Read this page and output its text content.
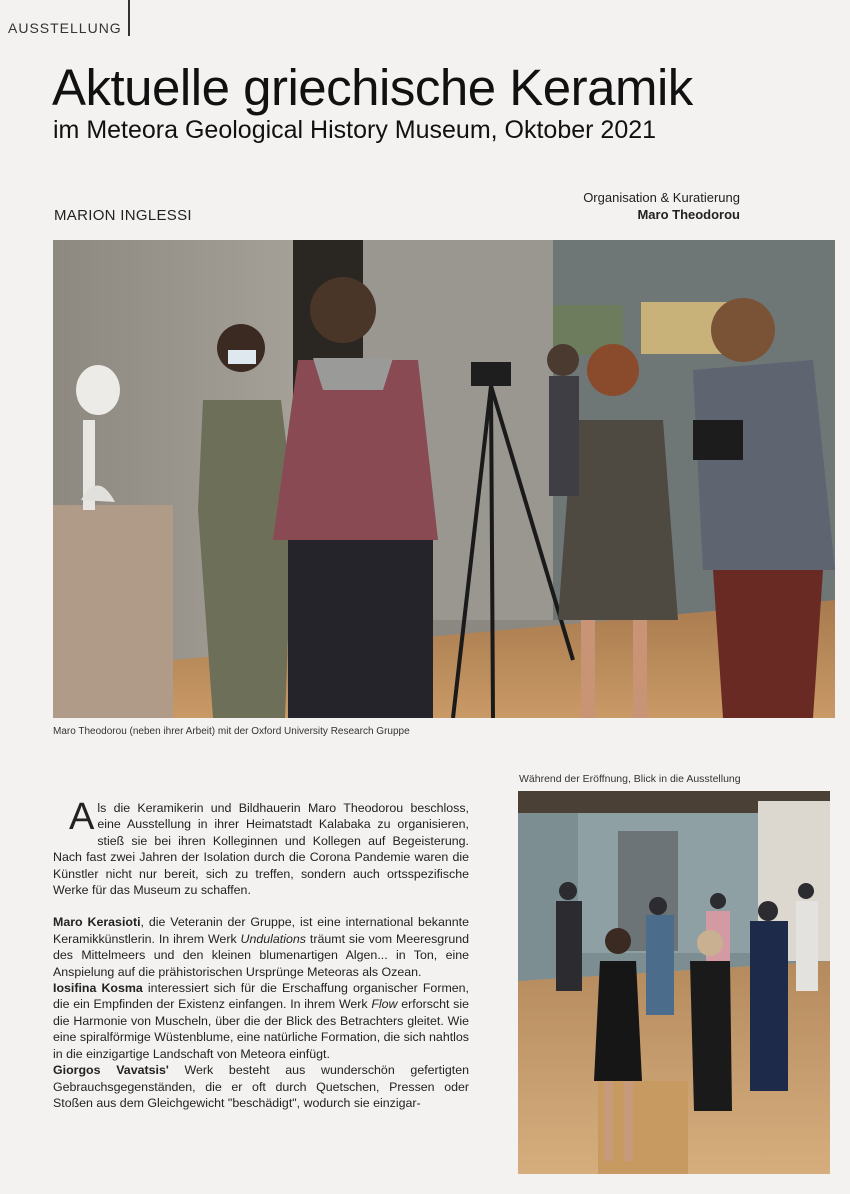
AUSSTELLUNG
Aktuelle griechische Keramik
im Meteora Geological History Museum, Oktober 2021
MARION INGLESSI
Organisation & Kuratierung
Maro Theodorou
Maro Theodorou (neben ihrer Arbeit) mit der Oxford University Research Gruppe
Während der Eröffnung, Blick in die Ausstellung

Als die Keramikerin und Bildhauerin Maro Theodorou beschloss, eine Ausstellung in ihrer Heimatstadt Kalabaka zu organisieren, stieß sie bei ihren Kolleginnen und Kollegen auf Begeisterung. Nach fast zwei Jahren der Isolation durch die Corona Pandemie waren die Künstler nicht nur bereit, sich zu treffen, sondern auch ortsspezifische Werke für das Museum zu schaffen.

Maro Kerasioti, die Veteranin der Gruppe, ist eine international bekannte Keramikkünstlerin. In ihrem Werk Undulations träumt sie vom Meeresgrund des Mittelmeers und den kleinen blumenartigen Algen... in Ton, eine Anspielung auf die prähistorischen Ursprünge Meteoras als Ozean.

Iosifina Kosma interessiert sich für die Erschaffung organischer Formen, die ein Empfinden der Existenz einfangen. In ihrem Werk Flow erforscht sie die Harmonie von Muscheln, über die der Blick des Betrachters gleitet. Wie eine spiralförmige Wüstenblume, eine natürliche Formation, die sich nahtlos in die einzigartige Landschaft von Meteora einfügt.

Giorgos Vavatsis' Werk besteht aus wunderschön gefertigten Gebrauchsgegenständen, die er oft durch Quetschen, Pressen oder Stoßen aus dem Gleichgewicht "beschädigt", wodurch sie einzigar-
